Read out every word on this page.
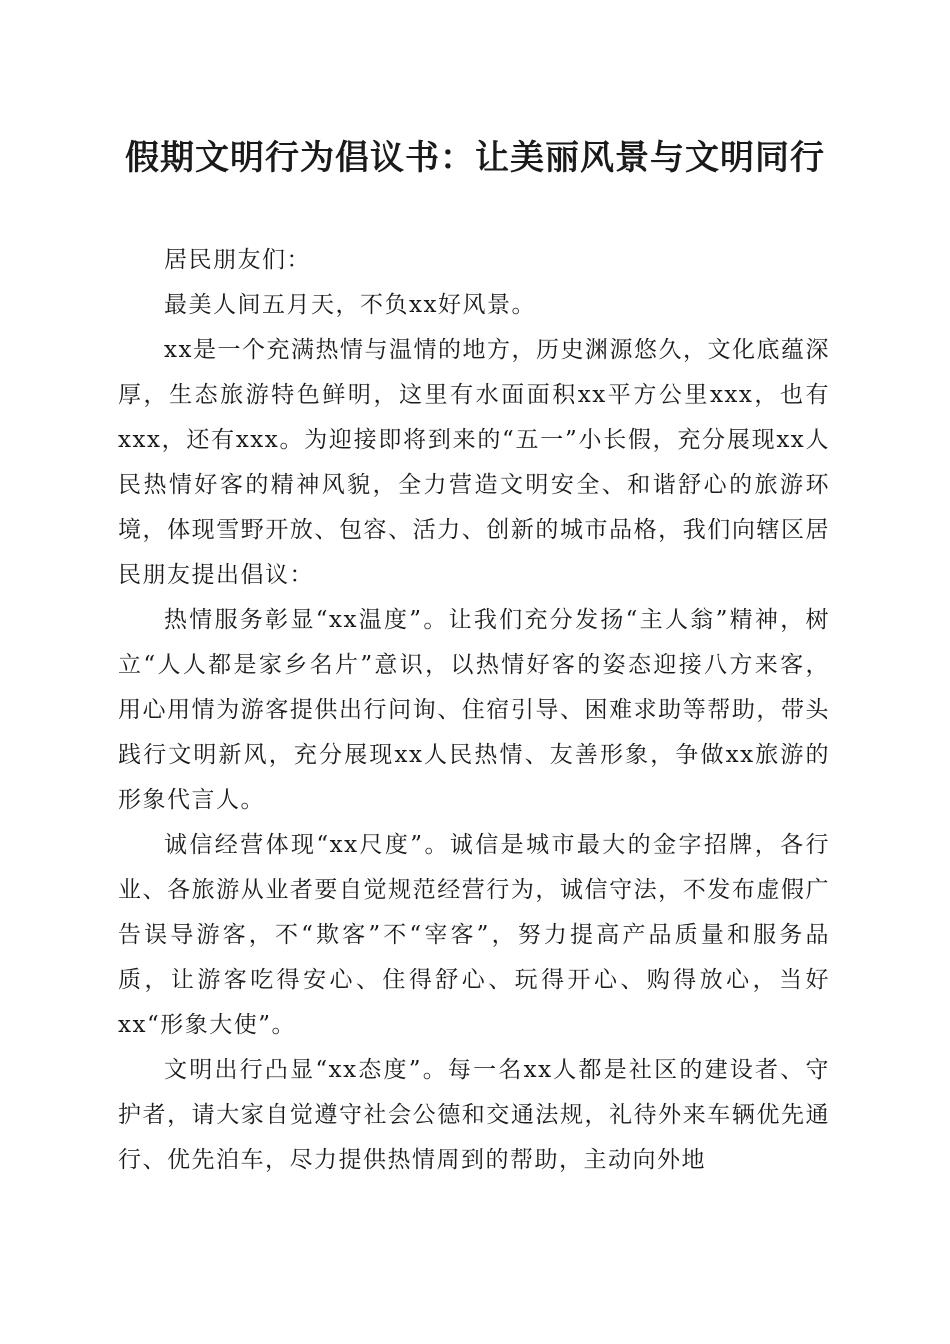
假期文明行为倡议书：让美丽风景与文明同行

居民朋友们：

最美人间五月天，不负xx好风景。

xx是一个充满热情与温情的地方，历史渊源悠久，文化底蕴深厚，生态旅游特色鲜明，这里有水面面积xx平方公里xxx，也有xxx，还有xxx。为迎接即将到来的“五一”小长假，充分展现xx人民热情好客的精神风貌，全力营造文明安全、和谐舒心的旅游环境，体现雪野开放、包容、活力、创新的城市品格，我们向辖区居民朋友提出倡议：

热情服务彰显“xx温度”。让我们充分发扬“主人翁”精神，树立“人人都是家乡名片”意识，以热情好客的姿态迎接八方来客，用心用情为游客提供出行问询、住宿引导、困难求助等帮助，带头践行文明新风，充分展现xx人民热情、友善形象，争做xx旅游的形象代言人。

诚信经营体现“xx尺度”。诚信是城市最大的金字招牌，各行业、各旅游从业者要自觉规范经营行为，诚信守法，不发布虚假广告误导游客，不“欺客”不“宰客”，努力提高产品质量和服务品质，让游客吃得安心、住得舒心、玩得开心、购得放心，当好xx“形象大使”。

文明出行凸显“xx态度”。每一名xx人都是社区的建设者、守护者，请大家自觉遵守社会公德和交通法规，礼待外来车辆优先通行、优先泊车，尽力提供热情周到的帮助，主动向外地
